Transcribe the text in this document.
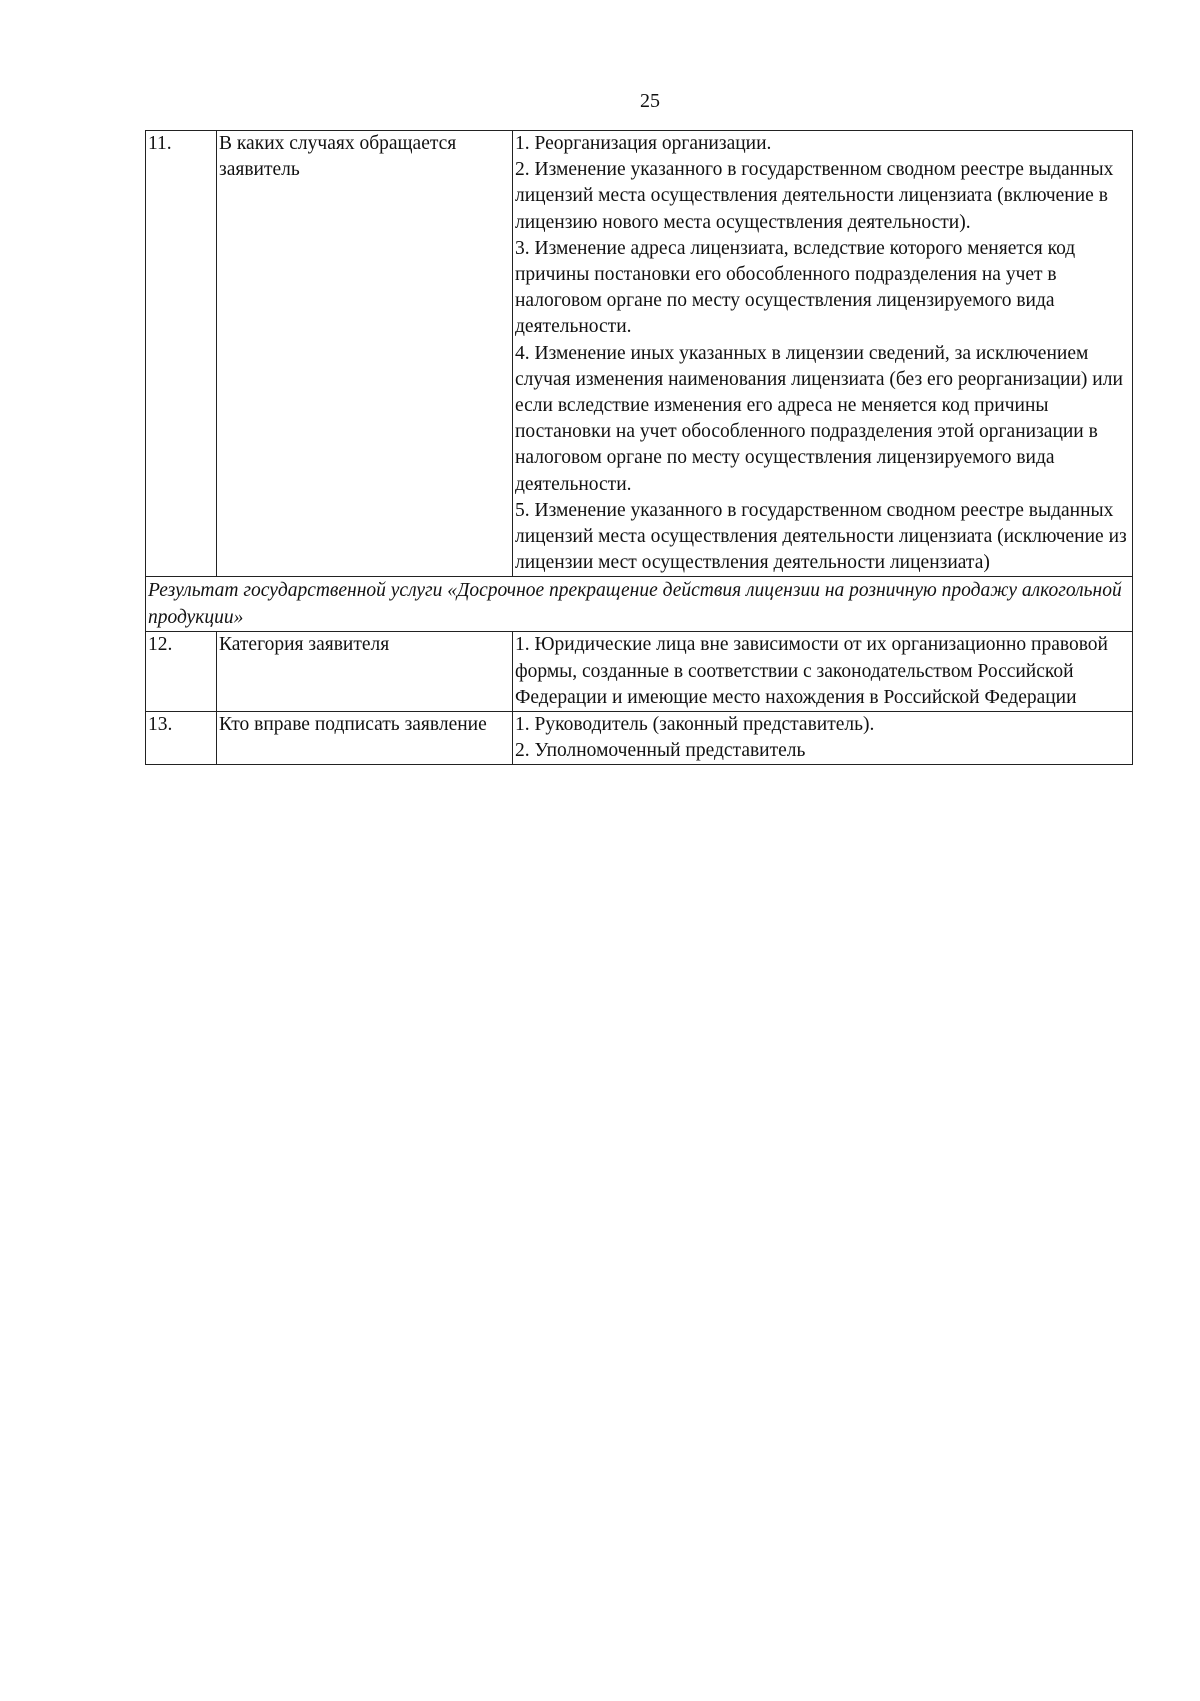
25
11.	В каких случаях обращается заявитель	1. Реорганизация организации.
2. Изменение указанного в государственном сводном реестре выданных лицензий места осуществления деятельности лицензиата (включение в лицензию нового места осуществления деятельности).
3. Изменение адреса лицензиата, вследствие которого меняется код причины постановки его обособленного подразделения на учет в налоговом органе по месту осуществления лицензируемого вида деятельности.
4. Изменение иных указанных в лицензии сведений, за исключением случая изменения наименования лицензиата (без его реорганизации) или если вследствие изменения его адреса не меняется код причины постановки на учет обособленного подразделения этой организации в налоговом органе по месту осуществления лицензируемого вида деятельности.
5. Изменение указанного в государственном сводном реестре выданных лицензий места осуществления деятельности лицензиата (исключение из лицензии мест осуществления деятельности лицензиата)

Результат государственной услуги «Досрочное прекращение действия лицензии на розничную продажу алкогольной продукции»		
12.	Категория заявителя	1. Юридические лица вне зависимости от их организационно правовой формы, созданные в соответствии с законодательством Российской Федерации и имеющие место нахождения в Российской Федерации

13.	Кто вправе подписать заявление	1. Руководитель (законный представитель).
2. Уполномоченный представитель
